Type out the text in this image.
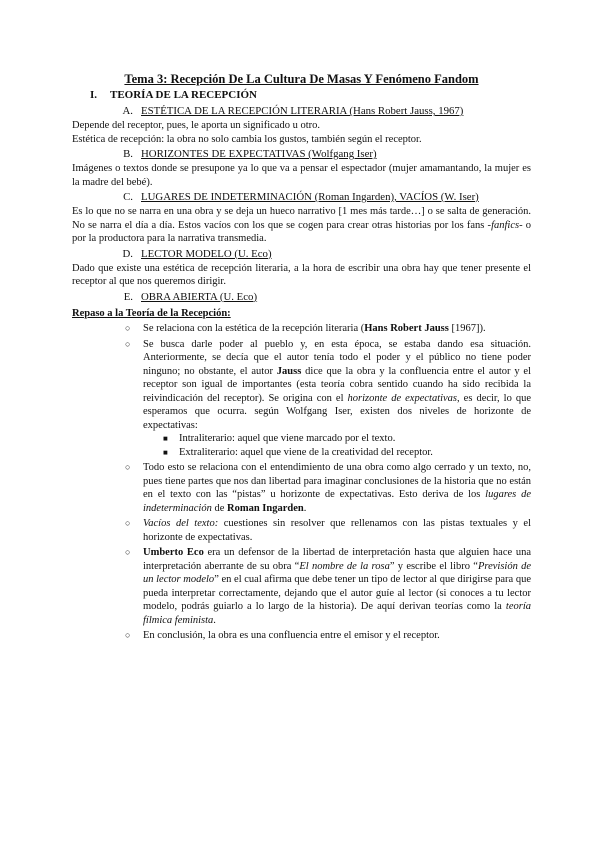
Tema 3: Recepción De La Cultura De Masas Y Fenómeno Fandom
I.	TEORÍA DE LA RECEPCIÓN
A. ESTÉTICA DE LA RECEPCIÓN LITERARIA (Hans Robert Jauss, 1967)

Depende del receptor, pues, le aporta un significado u otro.

Estética de recepción: la obra no solo cambia los gustos, también según el receptor.

B. HORIZONTES DE EXPECTATIVAS (Wolfgang Iser)

Imágenes o textos donde se presupone ya lo que va a pensar el espectador (mujer amamantando, la mujer es la madre del bebé).

C. LUGARES DE INDETERMINACIÓN (Roman Ingarden), VACÍOS (W. Iser)

Es lo que no se narra en una obra y se deja un hueco narrativo [1 mes más tarde…] o se salta de generación. No se narra el día a día. Estos vacíos con los que se cogen para crear otras historias por los fans -fanfics- o por la productora para la narrativa transmedia.

D. LECTOR MODELO (U. Eco)

Dado que existe una estética de recepción literaria, a la hora de escribir una obra hay que tener presente el receptor al que nos queremos dirigir.

E. OBRA ABIERTA (U. Eco)
Repaso a la Teoría de la Recepción:
○ Se relaciona con la estética de la recepción literaria (Hans Robert Jauss [1967]).
○ Se busca darle poder al pueblo y, en esta época, se estaba dando esa situación. Anteriormente, se decía que el autor tenía todo el poder y el público no tiene poder ninguno; no obstante, el autor Jauss dice que la obra y la confluencia entre el autor y el receptor son igual de importantes (esta teoría cobra sentido cuando ha sido recibida la reivindicación del receptor). Se origina con el horizonte de expectativas, es decir, lo que esperamos que ocurra. según Wolfgang Iser, existen dos niveles de horizonte de expectativas:
■ Intraliterario: aquel que viene marcado por el texto.
■ Extraliterario: aquel que viene de la creatividad del receptor.
○ Todo esto se relaciona con el entendimiento de una obra como algo cerrado y un texto, no, pues tiene partes que nos dan libertad para imaginar conclusiones de la historia que no están en el texto con las “pistas” u horizonte de expectativas. Esto deriva de los lugares de indeterminación de Roman Ingarden.
○ Vacíos del texto: cuestiones sin resolver que rellenamos con las pistas textuales y el horizonte de expectativas.
○ Umberto Eco era un defensor de la libertad de interpretación hasta que alguien hace una interpretación aberrante de su obra “El nombre de la rosa” y escribe el libro “Previsión de un lector modelo” en el cual afirma que debe tener un tipo de lector al que dirigirse para que pueda interpretar correctamente, dejando que el autor guíe al lector (si conoces a tu lector modelo, podrás guiarlo a lo largo de la historia). De aquí derivan teorías como la teoría fílmica feminista.
○ En conclusión, la obra es una confluencia entre el emisor y el receptor.
